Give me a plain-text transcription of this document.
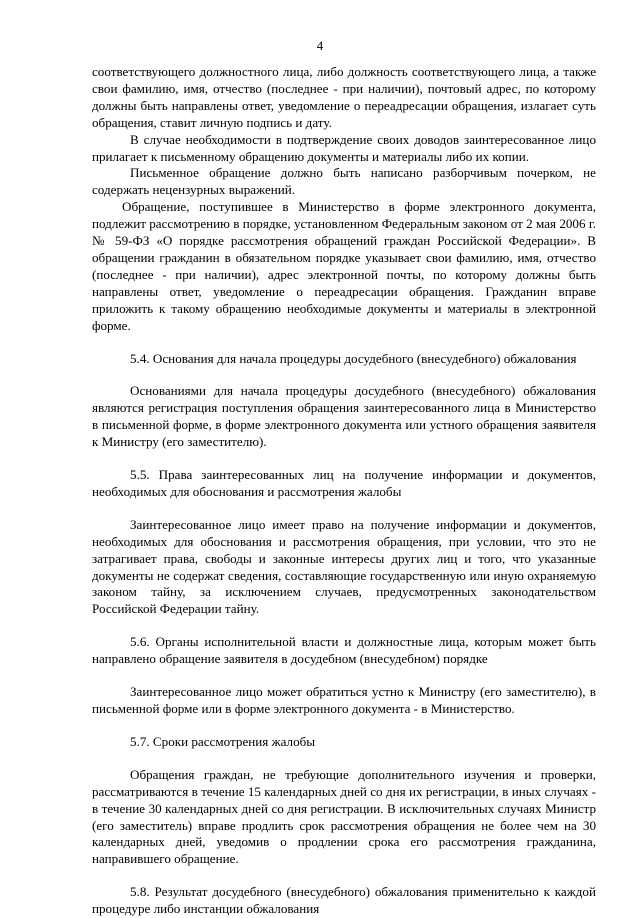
4

соответствующего должностного лица, либо должность соответствующего лица, а также свои фамилию, имя, отчество (последнее - при наличии), почтовый адрес, по которому должны быть направлены ответ, уведомление о переадресации обращения, излагает суть обращения, ставит личную подпись и дату.

В случае необходимости в подтверждение своих доводов заинтересованное лицо прилагает к письменному обращению документы и материалы либо их копии.

Письменное обращение должно быть написано разборчивым почерком, не содержать нецензурных выражений.

Обращение, поступившее в Министерство в форме электронного документа, подлежит рассмотрению в порядке, установленном Федеральным законом от 2 мая 2006 г. № 59-ФЗ «О порядке рассмотрения обращений граждан Российской Федерации». В обращении гражданин в обязательном порядке указывает свои фамилию, имя, отчество (последнее - при наличии), адрес электронной почты, по которому должны быть направлены ответ, уведомление о переадресации обращения. Гражданин вправе приложить к такому обращению необходимые документы и материалы в электронной форме.

5.4. Основания для начала процедуры досудебного (внесудебного) обжалования

Основаниями для начала процедуры досудебного (внесудебного) обжалования являются регистрация поступления обращения заинтересованного лица в Министерство в письменной форме, в форме электронного документа или устного обращения заявителя к Министру (его заместителю).

5.5. Права заинтересованных лиц на получение информации и документов, необходимых для обоснования и рассмотрения жалобы

Заинтересованное лицо имеет право на получение информации и документов, необходимых для обоснования и рассмотрения обращения, при условии, что это не затрагивает права, свободы и законные интересы других лиц и того, что указанные документы не содержат сведения, составляющие государственную или иную охраняемую законом тайну, за исключением случаев, предусмотренных законодательством Российской Федерации тайну.

5.6. Органы исполнительной власти и должностные лица, которым может быть направлено обращение заявителя в досудебном (внесудебном) порядке

Заинтересованное лицо может обратиться устно к Министру (его заместителю), в письменной форме или в форме электронного документа - в Министерство.

5.7. Сроки рассмотрения жалобы

Обращения граждан, не требующие дополнительного изучения и проверки, рассматриваются в течение 15 календарных дней со дня их регистрации, в иных случаях - в течение 30 календарных дней со дня регистрации. В исключительных случаях Министр (его заместитель) вправе продлить срок рассмотрения обращения не более чем на 30 календарных дней, уведомив о продлении срока его рассмотрения гражданина, направившего обращение.

5.8. Результат досудебного (внесудебного) обжалования применительно к каждой процедуре либо инстанции обжалования
